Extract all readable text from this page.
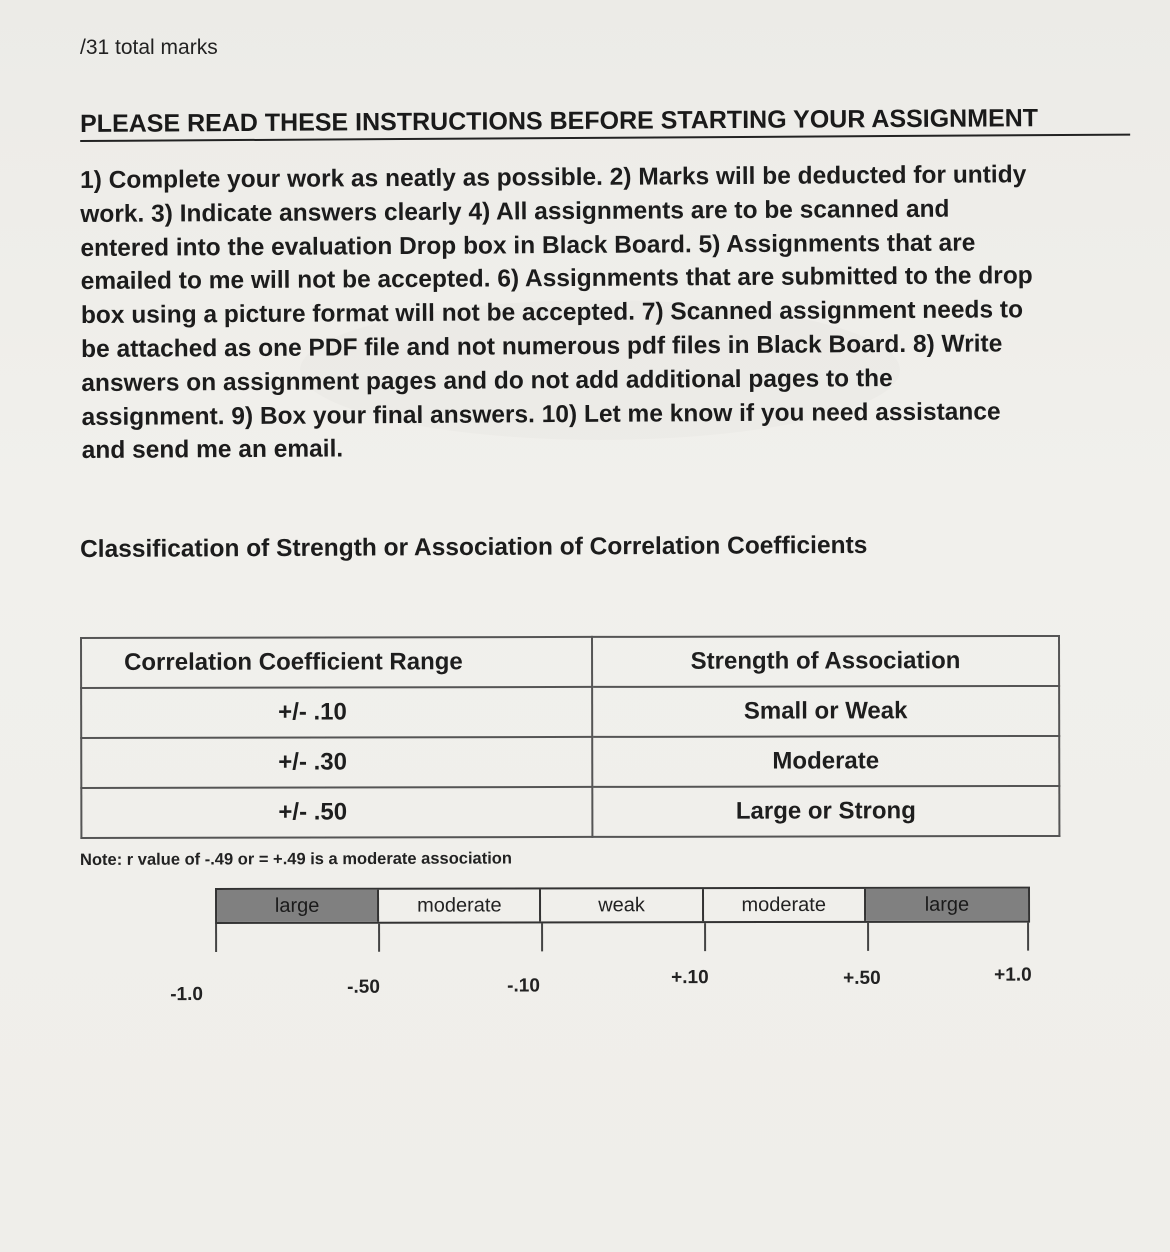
/31 total marks
PLEASE READ THESE INSTRUCTIONS BEFORE STARTING YOUR ASSIGNMENT
1) Complete your work as neatly as possible. 2) Marks will be deducted for untidy
work. 3) Indicate answers clearly 4) All assignments are to be scanned and
entered into the evaluation Drop box in Black Board. 5) Assignments that are
emailed to me will not be accepted. 6) Assignments that are submitted to the drop
box using a picture format will not be accepted. 7) Scanned assignment needs to
be attached as one PDF file and not numerous pdf files in Black Board. 8) Write
answers on assignment pages and do not add additional pages to the
assignment. 9) Box your final answers. 10) Let me know if you need assistance
and send me an email.
Classification of Strength or Association of Correlation Coefficients
Correlation Coefficient Range	Strength of Association
+/- .10	Small or Weak
+/- .30	Moderate
+/- .50	Large or Strong
Note: r value of -.49 or = +.49 is a moderate association
large	moderate	weak	moderate	large
-1.0	-.50	-.10	+.10	+.50	+1.0
